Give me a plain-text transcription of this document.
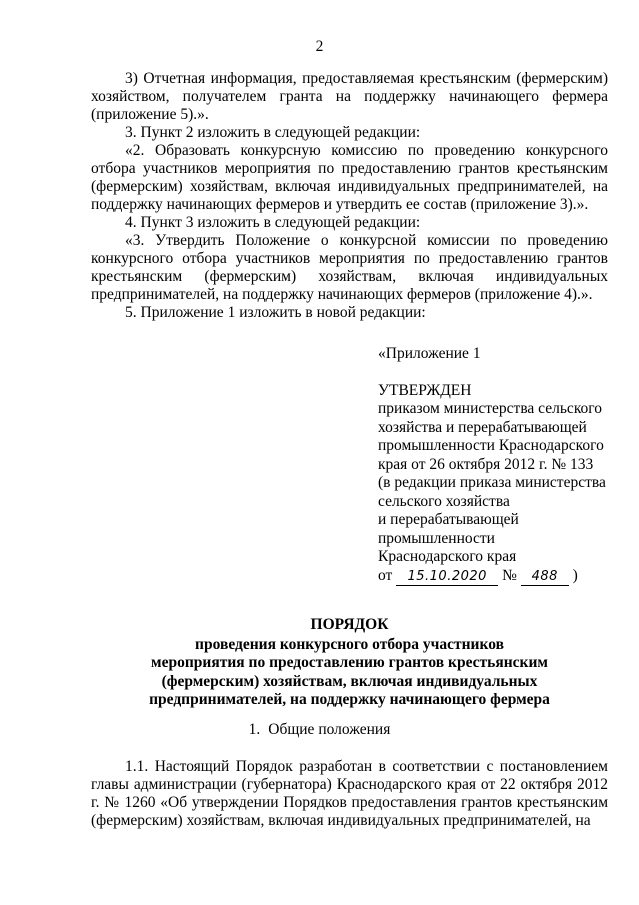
2

3) Отчетная информация, предоставляемая крестьянским (фермерским) хозяйством, получателем гранта на поддержку начинающего фермера (приложение 5).».

3. Пункт 2 изложить в следующей редакции:

«2. Образовать конкурсную комиссию по проведению конкурсного отбора участников мероприятия по предоставлению грантов крестьянским (фермерским) хозяйствам, включая индивидуальных предпринимателей, на поддержку начинающих фермеров и утвердить ее состав (приложение 3).».

4. Пункт 3 изложить в следующей редакции:

«3. Утвердить Положение о конкурсной комиссии по проведению конкурсного отбора участников мероприятия по предоставлению грантов крестьянским (фермерским) хозяйствам, включая индивидуальных предпринимателей, на поддержку начинающих фермеров (приложение 4).».

5. Приложение 1 изложить в новой редакции:

«Приложение 1
УТВЕРЖДЕН
приказом министерства сельского
хозяйства и перерабатывающей
промышленности Краснодарского
края от 26 октября 2012 г. № 133
(в редакции приказа министерства
сельского хозяйства
и перерабатывающей
промышленности
Краснодарского края
от 15.10.2020 № 488 )
ПОРЯДОК
проведения конкурсного отбора участников
мероприятия по предоставлению грантов крестьянским
(фермерским) хозяйствам, включая индивидуальных
предпринимателей, на поддержку начинающего фермера
1. Общие положения

1.1. Настоящий Порядок разработан в соответствии с постановлением главы администрации (губернатора) Краснодарского края от 22 октября 2012 г. № 1260 «Об утверждении Порядков предоставления грантов крестьянским (фермерским) хозяйствам, включая индивидуальных предпринимателей, на
